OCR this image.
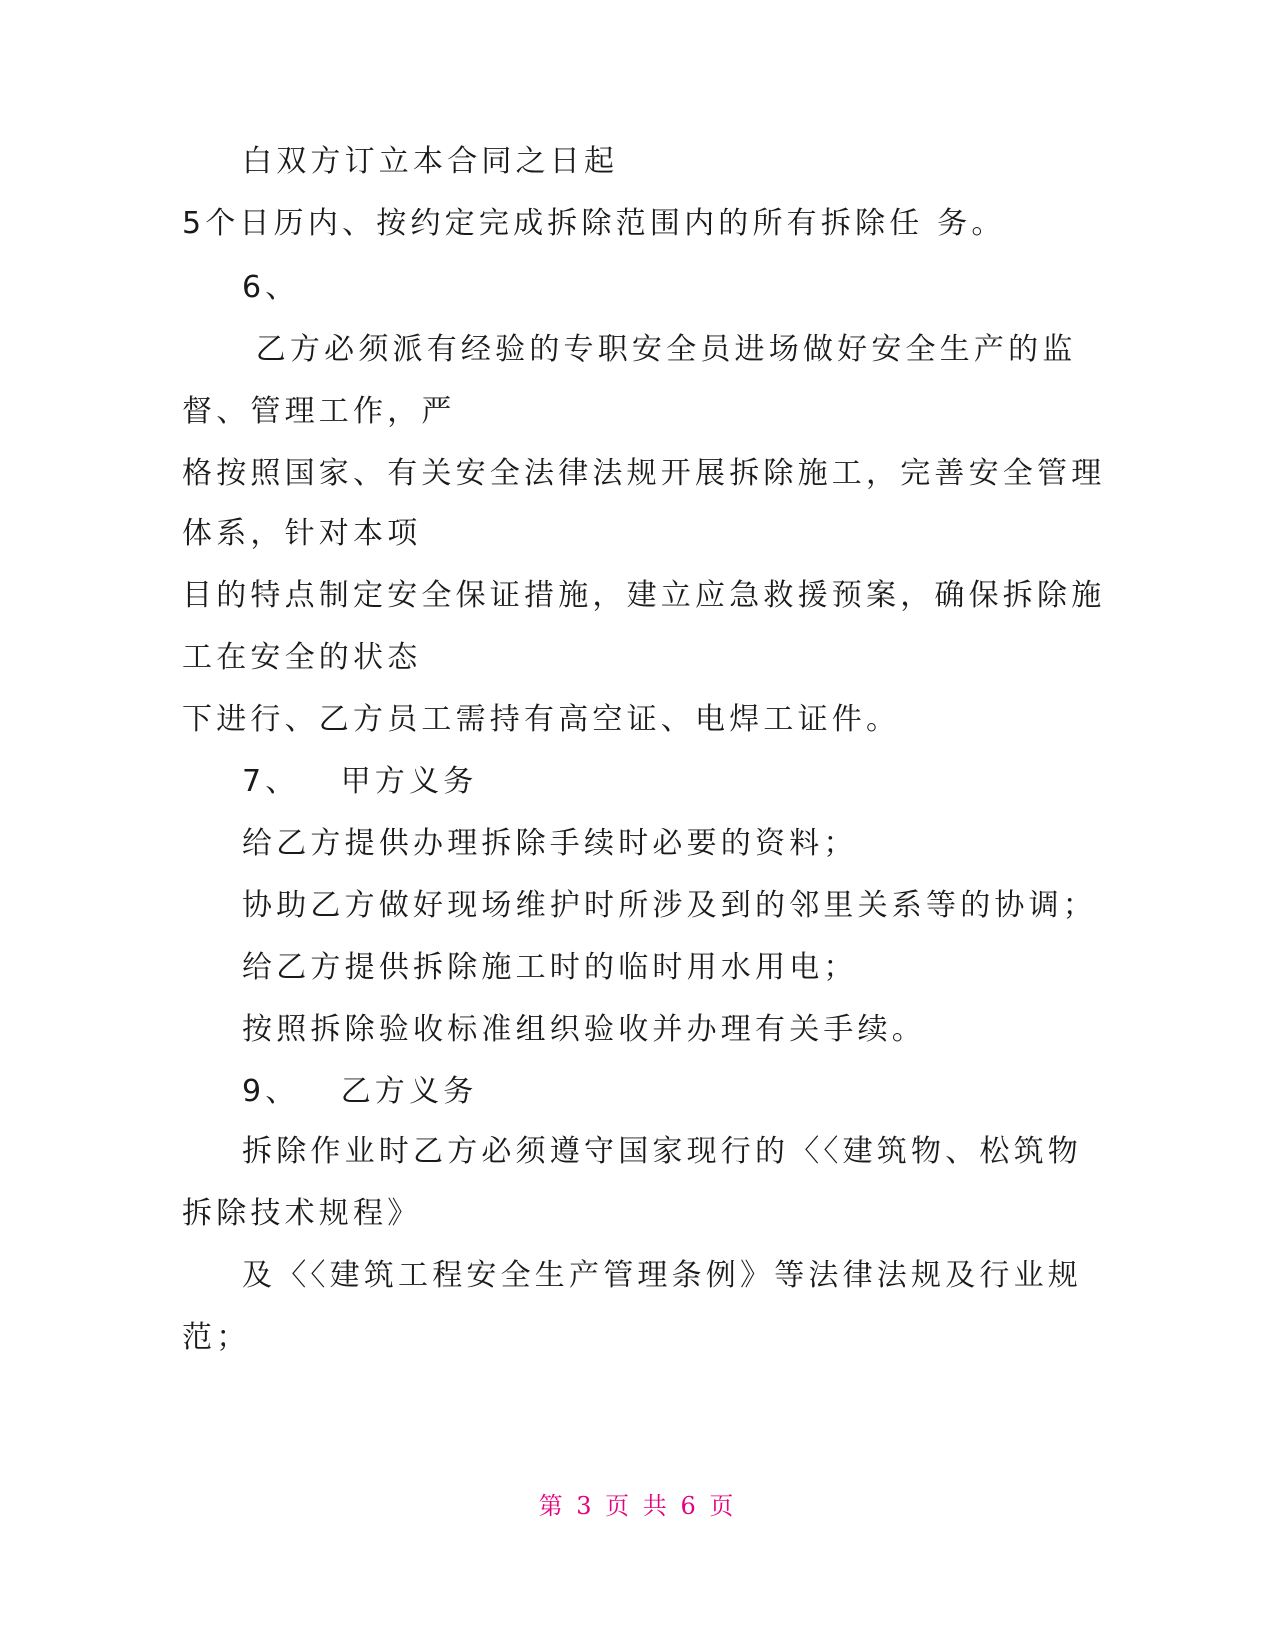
白双方订立本合同之日起
5个日历内、按约定完成拆除范围内的所有拆除任 务。
6、
乙方必须派有经验的专职安全员进场做好安全生产的监
督、管理工作，严
格按照国家、有关安全法律法规开展拆除施工，完善安全管理
体系，针对本项
目的特点制定安全保证措施，建立应急救援预案，确保拆除施
工在安全的状态
下进行、乙方员工需持有高空证、电焊工证件。
7、   甲方义务
给乙方提供办理拆除手续时必要的资料；
协助乙方做好现场维护时所涉及到的邻里关系等的协调；
给乙方提供拆除施工时的临时用水用电；
按照拆除验收标准组织验收并办理有关手续。
9、   乙方义务
拆除作业时乙方必须遵守国家现行的〈〈建筑物、松筑物
拆除技术规程》
及〈〈建筑工程安全生产管理条例》等法律法规及行业规
范；
第 3 页 共 6 页
